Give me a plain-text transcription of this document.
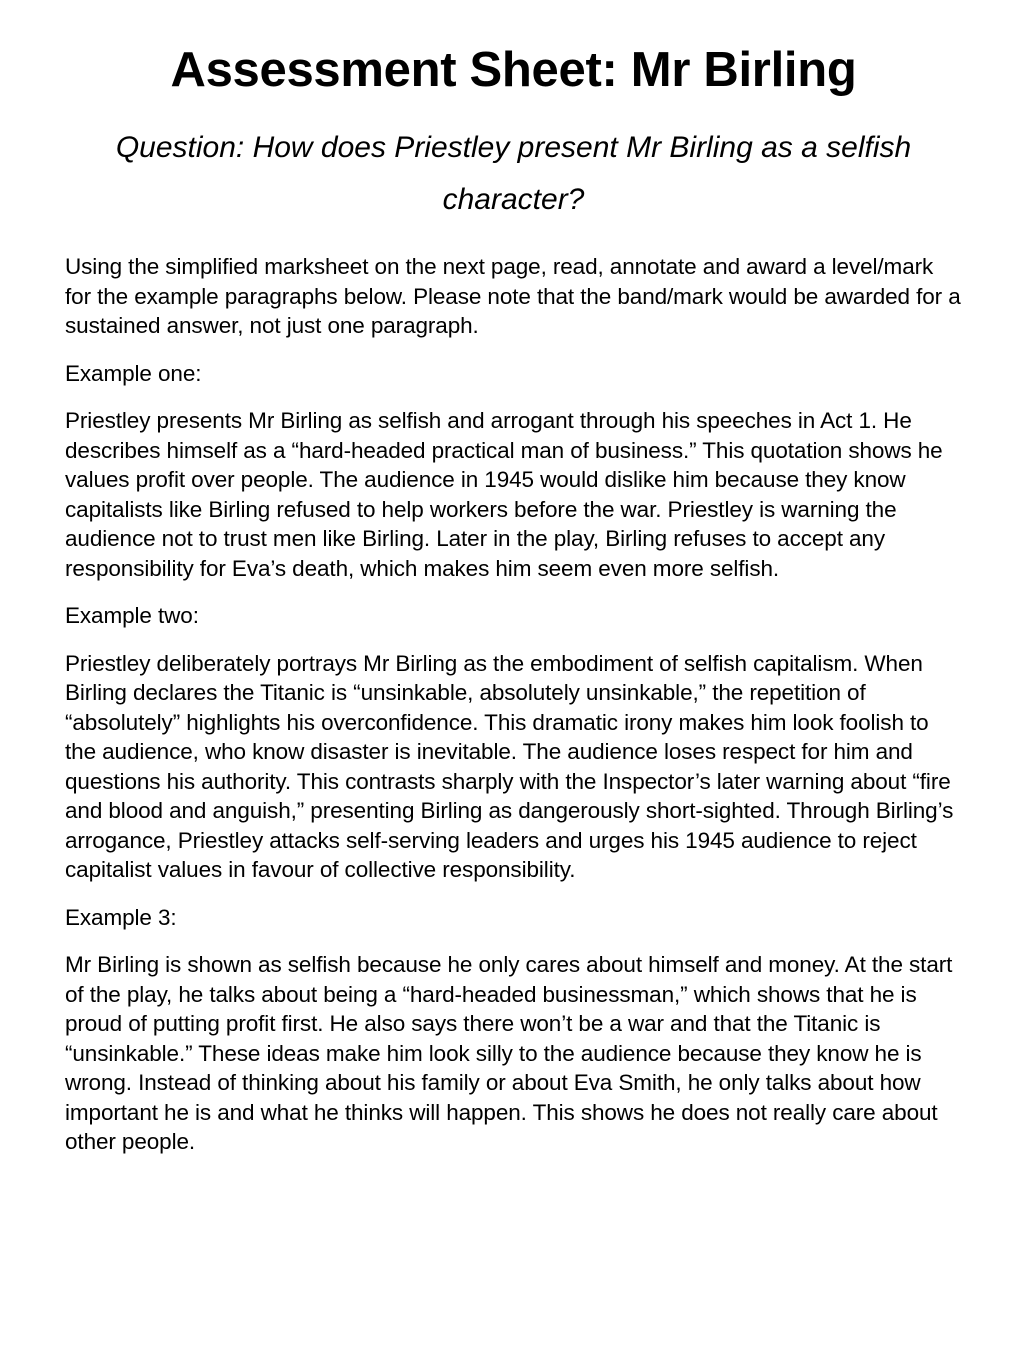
Assessment Sheet: Mr Birling

Question: How does Priestley present Mr Birling as a selfish character?

Using the simplified marksheet on the next page, read, annotate and award a level/mark for the example paragraphs below. Please note that the band/mark would be awarded for a sustained answer, not just one paragraph.

Example one:

Priestley presents Mr Birling as selfish and arrogant through his speeches in Act 1. He describes himself as a “hard-headed practical man of business.” This quotation shows he values profit over people. The audience in 1945 would dislike him because they know capitalists like Birling refused to help workers before the war. Priestley is warning the audience not to trust men like Birling. Later in the play, Birling refuses to accept any responsibility for Eva’s death, which makes him seem even more selfish.

Example two:

Priestley deliberately portrays Mr Birling as the embodiment of selfish capitalism. When Birling declares the Titanic is “unsinkable, absolutely unsinkable,” the repetition of “absolutely” highlights his overconfidence. This dramatic irony makes him look foolish to the audience, who know disaster is inevitable. The audience loses respect for him and questions his authority. This contrasts sharply with the Inspector’s later warning about “fire and blood and anguish,” presenting Birling as dangerously short-sighted. Through Birling’s arrogance, Priestley attacks self-serving leaders and urges his 1945 audience to reject capitalist values in favour of collective responsibility.

Example 3:

Mr Birling is shown as selfish because he only cares about himself and money. At the start of the play, he talks about being a “hard-headed businessman,” which shows that he is proud of putting profit first. He also says there won’t be a war and that the Titanic is “unsinkable.” These ideas make him look silly to the audience because they know he is wrong. Instead of thinking about his family or about Eva Smith, he only talks about how important he is and what he thinks will happen. This shows he does not really care about other people.
